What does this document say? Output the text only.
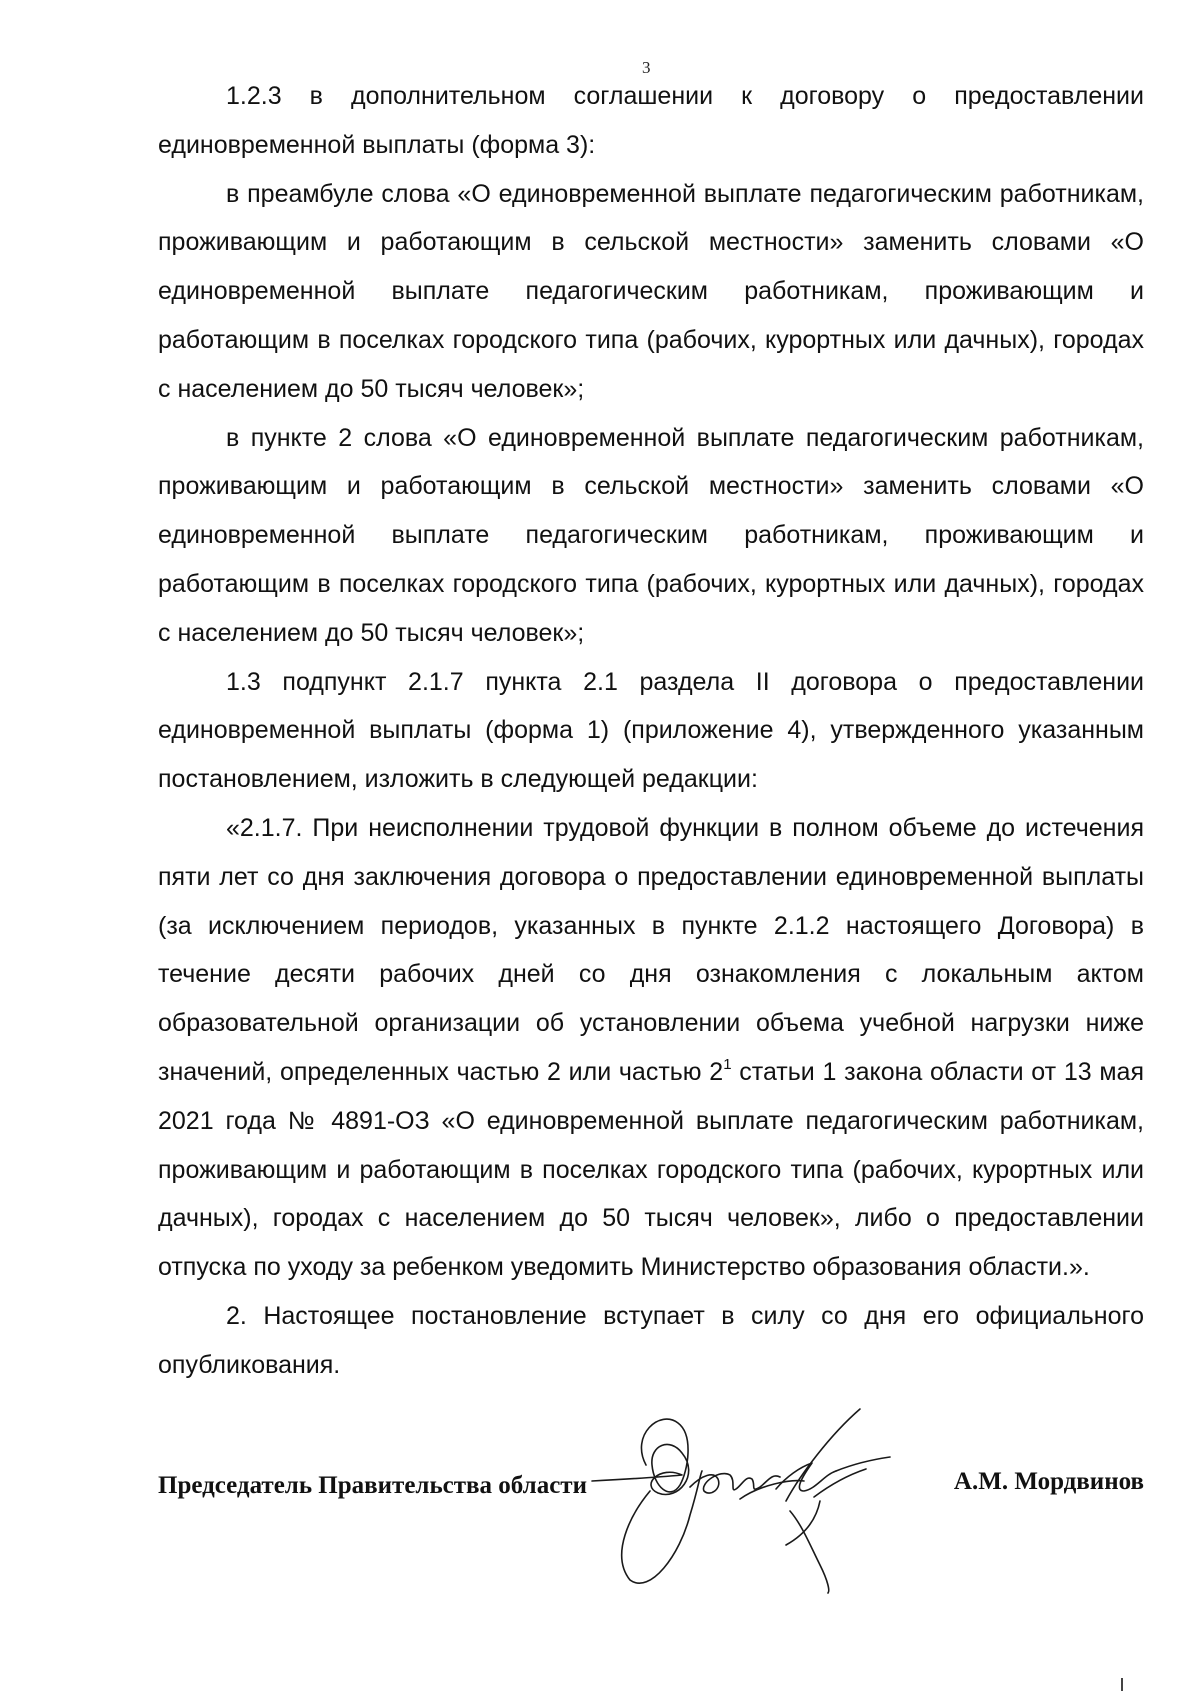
3

1.2.3 в дополнительном соглашении к договору о предоставлении единовременной выплаты (форма 3):

в преамбуле слова «О единовременной выплате педагогическим работникам, проживающим и работающим в сельской местности» заменить словами «О единовременной выплате педагогическим работникам, проживающим и работающим в поселках городского типа (рабочих, курортных или дачных), городах с населением до 50 тысяч человек»;

в пункте 2 слова «О единовременной выплате педагогическим работникам, проживающим и работающим в сельской местности» заменить словами «О единовременной выплате педагогическим работникам, проживающим и работающим в поселках городского типа (рабочих, курортных или дачных), городах с населением до 50 тысяч человек»;

1.3 подпункт 2.1.7 пункта 2.1 раздела II договора о предоставлении единовременной выплаты (форма 1) (приложение 4), утвержденного указанным постановлением, изложить в следующей редакции:

«2.1.7. При неисполнении трудовой функции в полном объеме до истечения пяти лет со дня заключения договора о предоставлении единовременной выплаты (за исключением периодов, указанных в пункте 2.1.2 настоящего Договора) в течение десяти рабочих дней со дня ознакомления с локальным актом образовательной организации об установлении объема учебной нагрузки ниже значений, определенных частью 2 или частью $2^1$ статьи 1 закона области от 13 мая 2021 года № 4891-ОЗ «О единовременной выплате педагогическим работникам, проживающим и работающим в поселках городского типа (рабочих, курортных или дачных), городах с населением до 50 тысяч человек», либо о предоставлении отпуска по уходу за ребенком уведомить Министерство образования области.».

2. Настоящее постановление вступает в силу со дня его официального опубликования.

Председатель Правительства области	А.М. Мордвинов
